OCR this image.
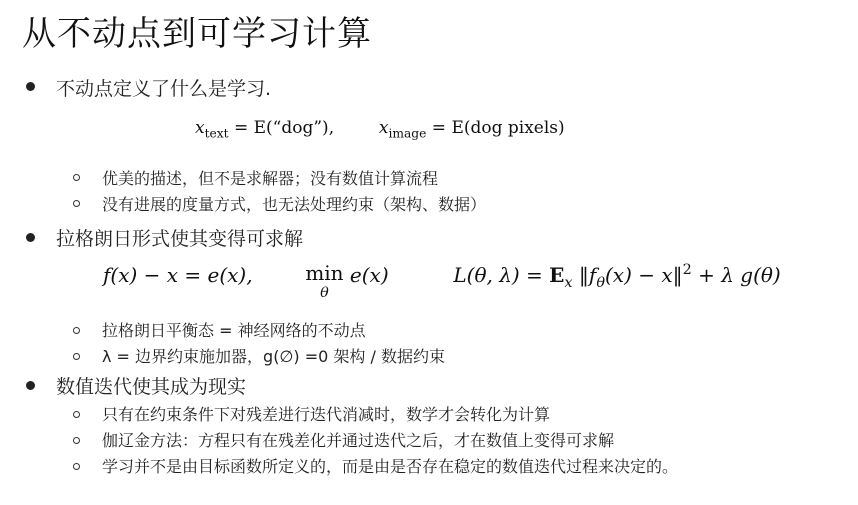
从不动点到可学习计算
不动点定义了什么是学习.
$x_{text}$ = E(“dog”),	$x_{image} = E(dog$ pixels)
优美的描述，但不是求解器；没有数值计算流程
没有进展的度量方式，也无法处理约束（架构、数据）
拉格朗日形式使其变得可求解
f(x) − x = e(x),	min
θ
e(x)	L(θ, $\lambda) = E_x$ $‖f_\theta(x)$ − x‖$^2$ + λ g(θ)
拉格朗日平衡态 = 神经网络的不动点
λ = 边界约束施加器，g(∅) =0 架构 / 数据约束
数值迭代使其成为现实
只有在约束条件下对残差进行迭代消减时，数学才会转化为计算
伽辽金方法：方程只有在残差化并通过迭代之后，才在数值上变得可求解
学习并不是由目标函数所定义的，而是由是否存在稳定的数值迭代过程来决定的。
